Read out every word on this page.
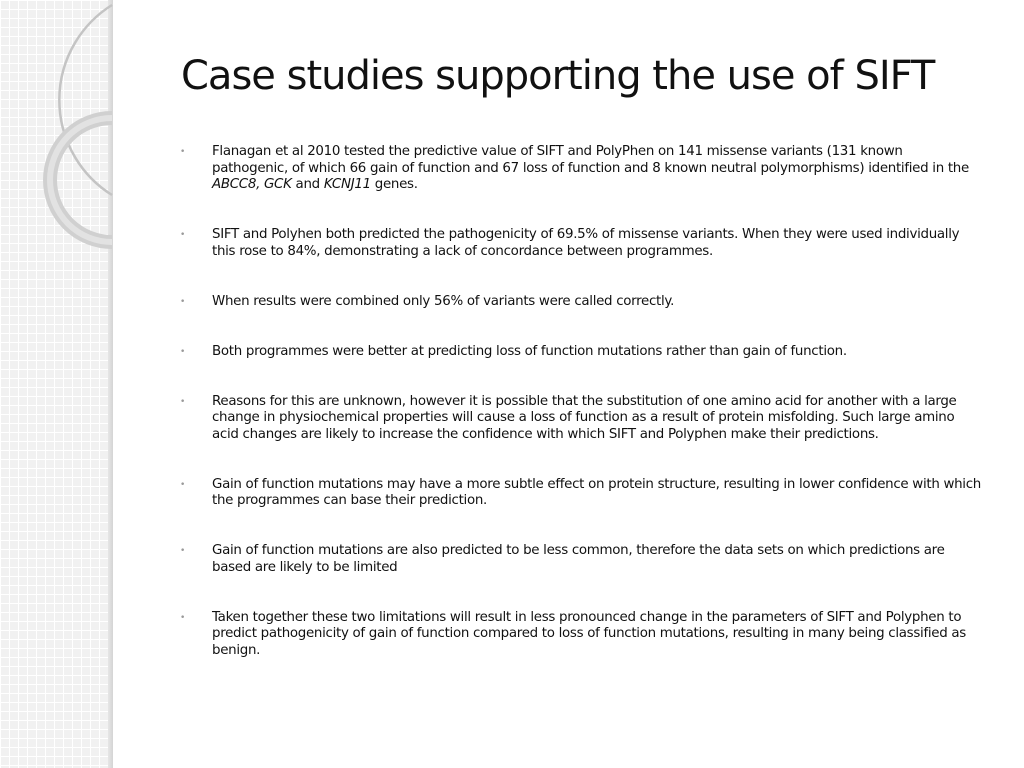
Case studies supporting the use of SIFT
• Flanagan et al 2010 tested the predictive value of SIFT and PolyPhen on 141 missense variants (131 known pathogenic, of which 66 gain of function and 67 loss of function and 8 known neutral polymorphisms) identified in the ABCC8, GCK and KCNJ11 genes.
• SIFT and Polyhen both predicted the pathogenicity of 69.5% of missense variants. When they were used individually this rose to 84%, demonstrating a lack of concordance between programmes.
• When results were combined only 56% of variants were called correctly.
• Both programmes were better at predicting loss of function mutations rather than gain of function.
• Reasons for this are unknown, however it is possible that the substitution of one amino acid for another with a large change in physiochemical properties will cause a loss of function as a result of protein misfolding. Such large amino acid changes are likely to increase the confidence with which SIFT and Polyphen make their predictions.
• Gain of function mutations may have a more subtle effect on protein structure, resulting in lower confidence with which the programmes can base their prediction.
• Gain of function mutations are also predicted to be less common, therefore the data sets on which predictions are based are likely to be limited
• Taken together these two limitations will result in less pronounced change in the parameters of SIFT and Polyphen to predict pathogenicity of gain of function compared to loss of function mutations, resulting in many being classified as benign.
